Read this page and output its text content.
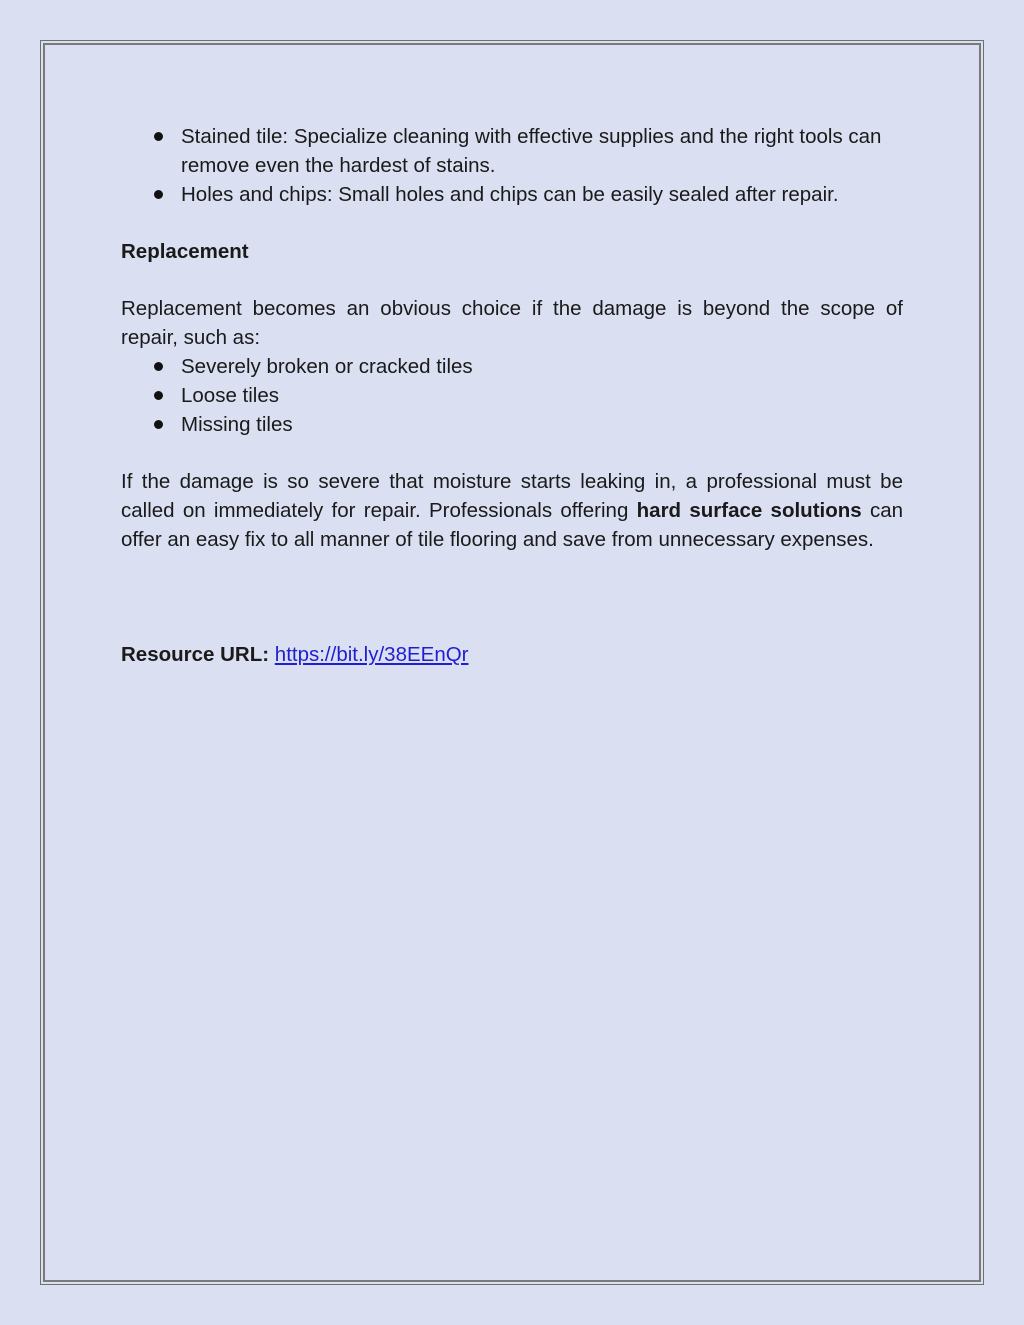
Stained tile: Specialize cleaning with effective supplies and the right tools can remove even the hardest of stains.
Holes and chips: Small holes and chips can be easily sealed after repair.
Replacement
Replacement becomes an obvious choice if the damage is beyond the scope of repair, such as:
Severely broken or cracked tiles
Loose tiles
Missing tiles
If the damage is so severe that moisture starts leaking in, a professional must be called on immediately for repair. Professionals offering hard surface solutions can offer an easy fix to all manner of tile flooring and save from unnecessary expenses.
Resource URL: https://bit.ly/38EEnQr
